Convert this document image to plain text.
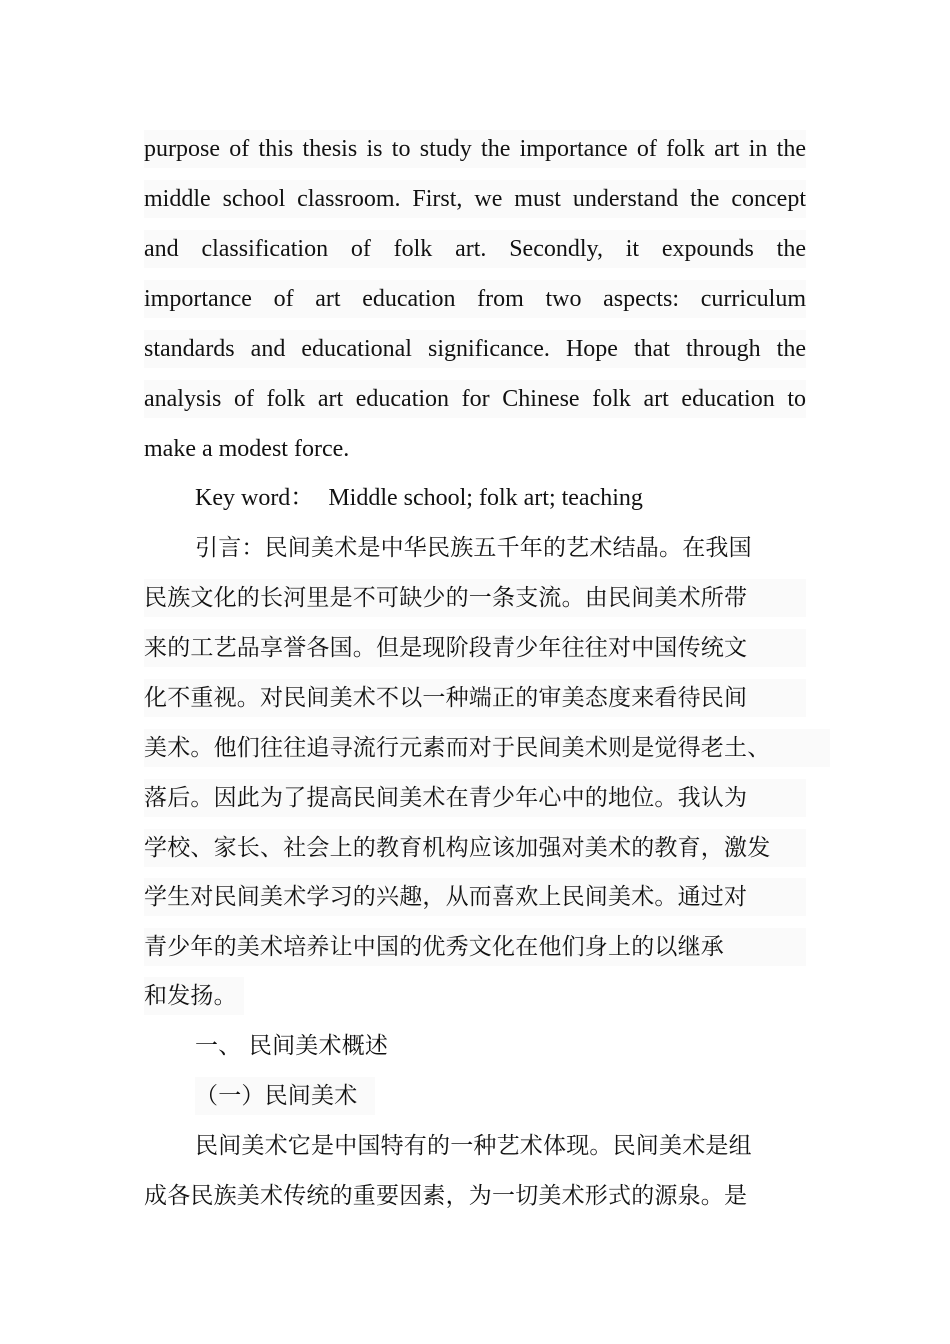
purpose of this thesis is to study the importance of folk art in the
middle school classroom. First, we must understand the concept
and classification of folk art. Secondly, it expounds the
importance of art education from two aspects: curriculum
standards and educational significance. Hope that through the
analysis of folk art education for Chinese folk art education to
make a modest force.
Key word： Middle school; folk art; teaching
引言：民间美术是中华民族五千年的艺术结晶。在我国
民族文化的长河里是不可缺少的一条支流。由民间美术所带
来的工艺品享誉各国。但是现阶段青少年往往对中国传统文
化不重视。对民间美术不以一种端正的审美态度来看待民间
美术。他们往往追寻流行元素而对于民间美术则是觉得老土、
落后。因此为了提高民间美术在青少年心中的地位。我认为
学校、家长、社会上的教育机构应该加强对美术的教育，激发
学生对民间美术学习的兴趣，从而喜欢上民间美术。通过对
青少年的美术培养让中国的优秀文化在他们身上的以继承
和发扬。
一、 民间美术概述
（一）民间美术
民间美术它是中国特有的一种艺术体现。民间美术是组
成各民族美术传统的重要因素，为一切美术形式的源泉。是
